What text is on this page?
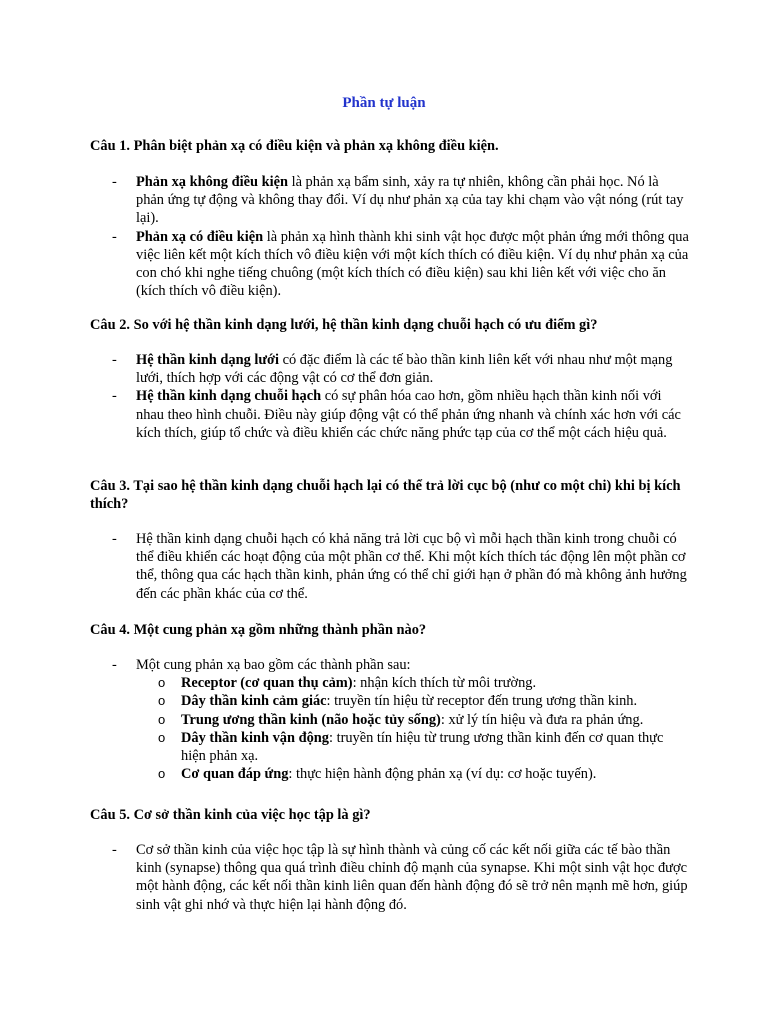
Phần tự luận
Câu 1. Phân biệt phản xạ có điều kiện và phản xạ không điều kiện.
- Phản xạ không điều kiện là phản xạ bẩm sinh, xảy ra tự nhiên, không cần phải học. Nó là phản ứng tự động và không thay đổi. Ví dụ như phản xạ của tay khi chạm vào vật nóng (rút tay lại).
- Phản xạ có điều kiện là phản xạ hình thành khi sinh vật học được một phản ứng mới thông qua việc liên kết một kích thích vô điều kiện với một kích thích có điều kiện. Ví dụ như phản xạ của con chó khi nghe tiếng chuông (một kích thích có điều kiện) sau khi liên kết với việc cho ăn (kích thích vô điều kiện).
Câu 2. So với hệ thần kinh dạng lưới, hệ thần kinh dạng chuỗi hạch có ưu điểm gì?
- Hệ thần kinh dạng lưới có đặc điểm là các tế bào thần kinh liên kết với nhau như một mạng lưới, thích hợp với các động vật có cơ thể đơn giản.
- Hệ thần kinh dạng chuỗi hạch có sự phân hóa cao hơn, gồm nhiều hạch thần kinh nối với nhau theo hình chuỗi. Điều này giúp động vật có thể phản ứng nhanh và chính xác hơn với các kích thích, giúp tổ chức và điều khiển các chức năng phức tạp của cơ thể một cách hiệu quả.
Câu 3. Tại sao hệ thần kinh dạng chuỗi hạch lại có thể trả lời cục bộ (như co một chi) khi bị kích thích?
- Hệ thần kinh dạng chuỗi hạch có khả năng trả lời cục bộ vì mỗi hạch thần kinh trong chuỗi có thể điều khiển các hoạt động của một phần cơ thể. Khi một kích thích tác động lên một phần cơ thể, thông qua các hạch thần kinh, phản ứng có thể chỉ giới hạn ở phần đó mà không ảnh hưởng đến các phần khác của cơ thể.
Câu 4. Một cung phản xạ gồm những thành phần nào?
- Một cung phản xạ bao gồm các thành phần sau:
o Receptor (cơ quan thụ cảm): nhận kích thích từ môi trường.
o Dây thần kinh cảm giác: truyền tín hiệu từ receptor đến trung ương thần kinh.
o Trung ương thần kinh (não hoặc tủy sống): xử lý tín hiệu và đưa ra phản ứng.
o Dây thần kinh vận động: truyền tín hiệu từ trung ương thần kinh đến cơ quan thực hiện phản xạ.
o Cơ quan đáp ứng: thực hiện hành động phản xạ (ví dụ: cơ hoặc tuyến).
Câu 5. Cơ sở thần kinh của việc học tập là gì?
- Cơ sở thần kinh của việc học tập là sự hình thành và củng cố các kết nối giữa các tế bào thần kinh (synapse) thông qua quá trình điều chỉnh độ mạnh của synapse. Khi một sinh vật học được một hành động, các kết nối thần kinh liên quan đến hành động đó sẽ trở nên mạnh mẽ hơn, giúp sinh vật ghi nhớ và thực hiện lại hành động đó.
